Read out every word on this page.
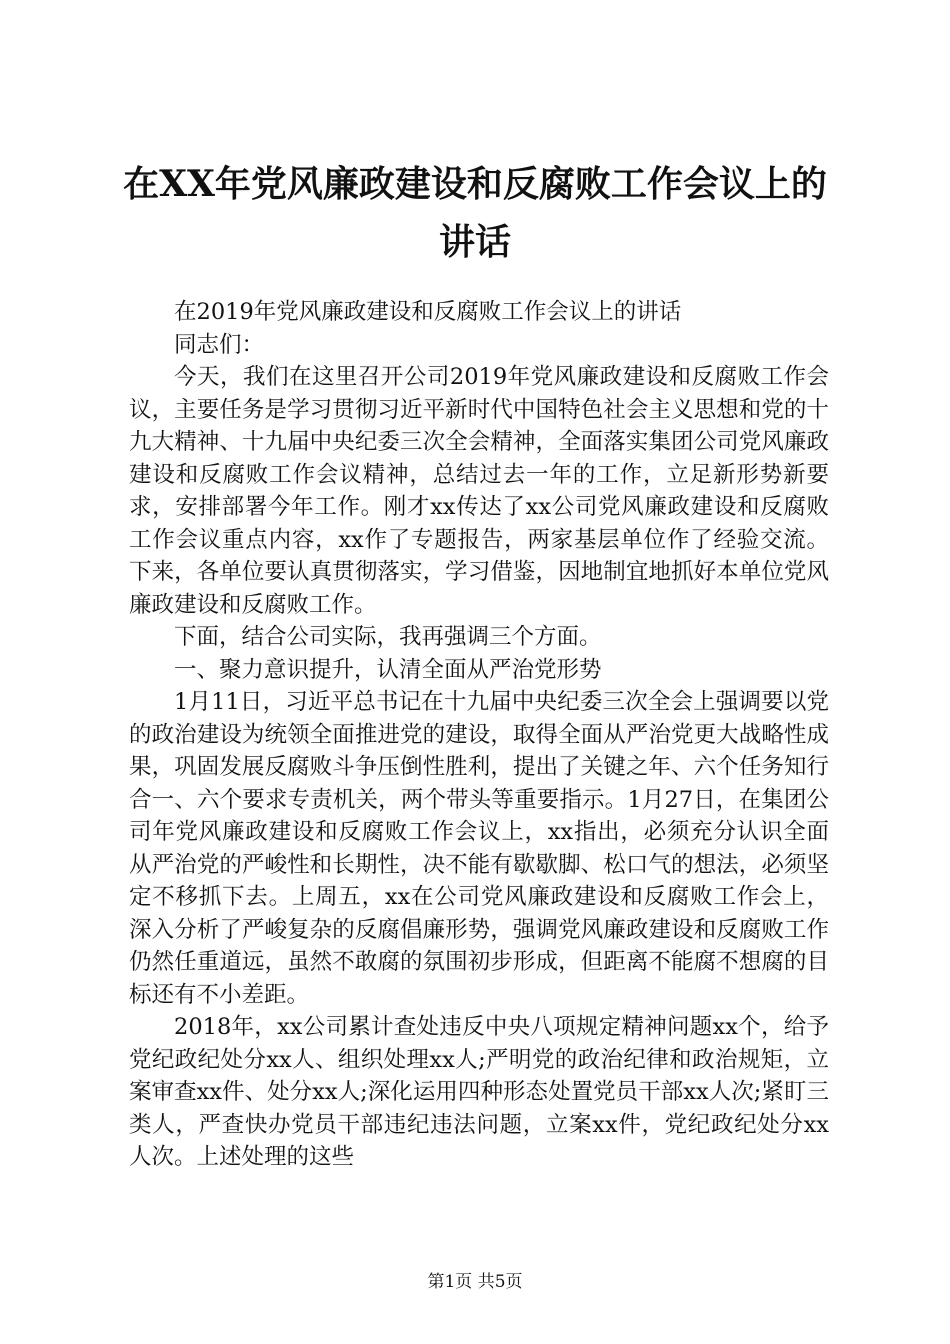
在XX年党风廉政建设和反腐败工作会议上的
讲话

在2019年党风廉政建设和反腐败工作会议上的讲话

同志们：

今天，我们在这里召开公司2019年党风廉政建设和反腐败工作会议，主要任务是学习贯彻习近平新时代中国特色社会主义思想和党的十九大精神、十九届中央纪委三次全会精神，全面落实集团公司党风廉政建设和反腐败工作会议精神，总结过去一年的工作，立足新形势新要求，安排部署今年工作。刚才xx传达了xx公司党风廉政建设和反腐败工作会议重点内容，xx作了专题报告，两家基层单位作了经验交流。下来，各单位要认真贯彻落实，学习借鉴，因地制宜地抓好本单位党风廉政建设和反腐败工作。

下面，结合公司实际，我再强调三个方面。

一、聚力意识提升，认清全面从严治党形势

1月11日，习近平总书记在十九届中央纪委三次全会上强调要以党的政治建设为统领全面推进党的建设，取得全面从严治党更大战略性成果，巩固发展反腐败斗争压倒性胜利，提出了关键之年、六个任务知行合一、六个要求专责机关，两个带头等重要指示。1月27日，在集团公司年党风廉政建设和反腐败工作会议上，xx指出，必须充分认识全面从严治党的严峻性和长期性，决不能有歇歇脚、松口气的想法，必须坚定不移抓下去。上周五，xx在公司党风廉政建设和反腐败工作会上，深入分析了严峻复杂的反腐倡廉形势，强调党风廉政建设和反腐败工作仍然任重道远，虽然不敢腐的氛围初步形成，但距离不能腐不想腐的目标还有不小差距。

2018年，xx公司累计查处违反中央八项规定精神问题xx个，给予党纪政纪处分xx人、组织处理xx人;严明党的政治纪律和政治规矩，立案审查xx件、处分xx人;深化运用四种形态处置党员干部xx人次;紧盯三类人，严查快办党员干部违纪违法问题，立案xx件，党纪政纪处分xx人次。上述处理的这些

第1页 共5页
